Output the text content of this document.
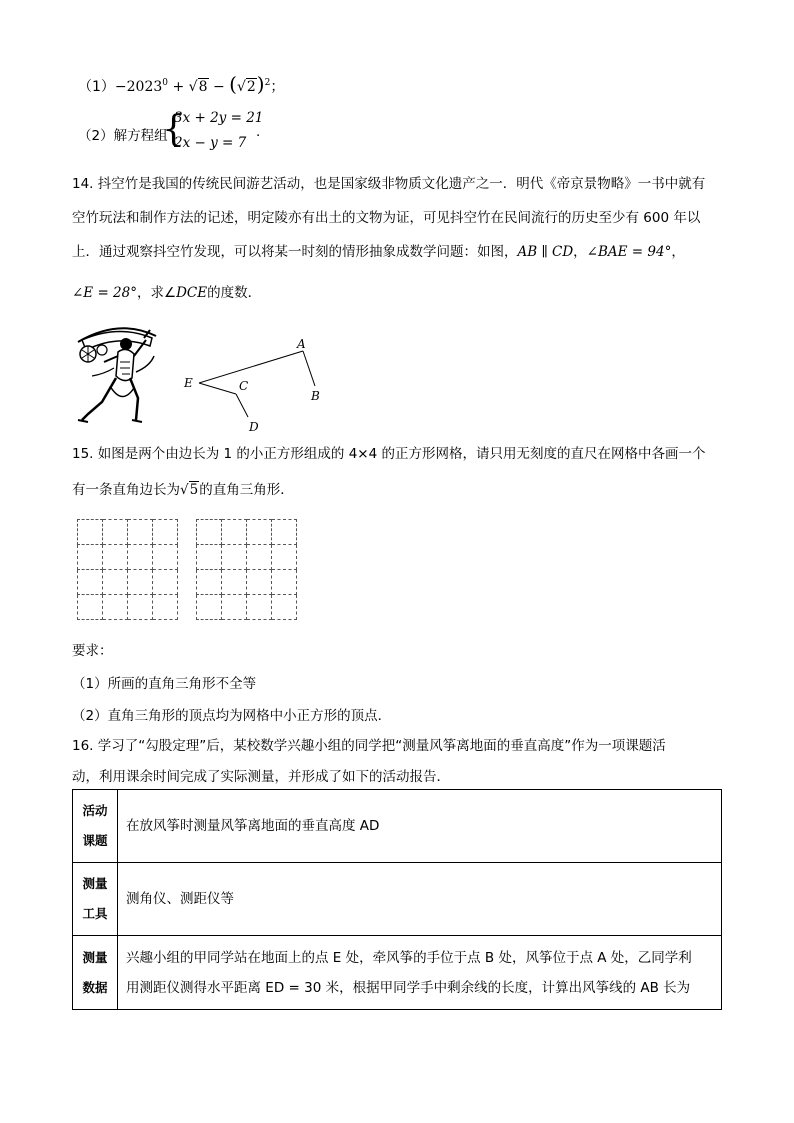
$(1)-2023^0 + √8 - (√2)^2$；
（2）解方程组
{
3x + 2y = 21
2x − y = 7
.
14. 抖空竹是我国的传统民间游艺活动，也是国家级非物质文化遗产之一．明代《帝京景物略》一书中就有
空竹玩法和制作方法的记述，明定陵亦有出土的文物为证，可见抖空竹在民间流行的历史至少有 600 年以
上．通过观察抖空竹发现，可以将某一时刻的情形抽象成数学问题：如图，AB ∥ CD，∠BAE = 94°，
∠E = 28°，求∠DCE的度数．
A
B
C
D
E
15. 如图是两个由边长为 1 的小正方形组成的 4×4 的正方形网格，请只用无刻度的直尺在网格中各画一个
有一条直角边长为√5的直角三角形．

要求：
（1）所画的直角三角形不全等
（2）直角三角形的顶点均为网格中小正方形的顶点．
16. 学习了“勾股定理”后，某校数学兴趣小组的同学把“测量风筝离地面的垂直高度”作为一项课题活
动，利用课余时间完成了实际测量，并形成了如下的活动报告．
活动
课题	在放风筝时测量风筝离地面的垂直高度 AD
测量
工具	测角仪、测距仪等
测量
数据	兴趣小组的甲同学站在地面上的点 E 处，牵风筝的手位于点 B 处，风筝位于点 A 处，乙同学利
用测距仪测得水平距离 ED = 30 米，根据甲同学手中剩余线的长度，计算出风筝线的 AB 长为
